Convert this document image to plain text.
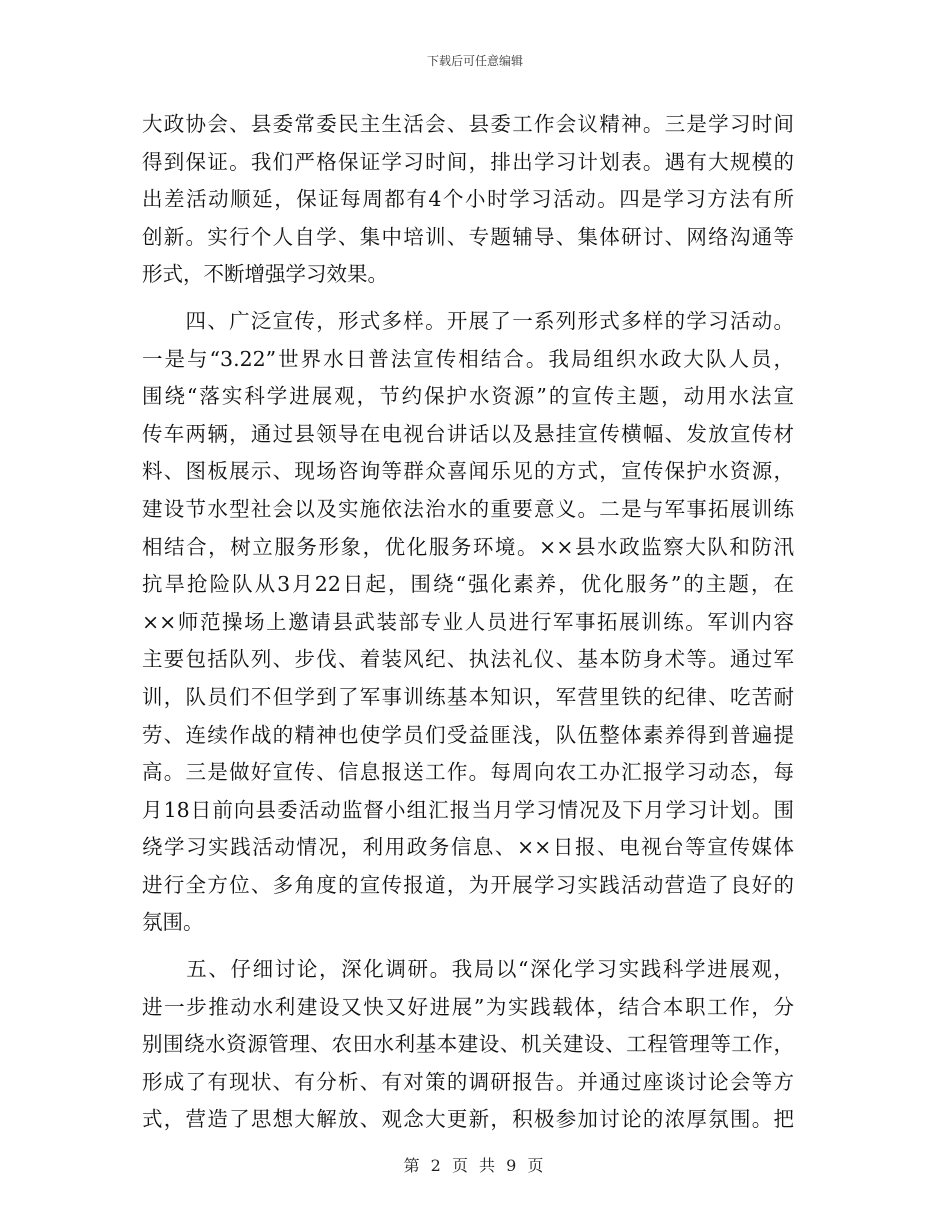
下载后可任意编辑
大政协会、县委常委民主生活会、县委工作会议精神。三是学习时间
得到保证。我们严格保证学习时间，排出学习计划表。遇有大规模的
出差活动顺延，保证每周都有4个小时学习活动。四是学习方法有所
创新。实行个人自学、集中培训、专题辅导、集体研讨、网络沟通等
形式，不断增强学习效果。
　　四、广泛宣传，形式多样。开展了一系列形式多样的学习活动。
一是与“3.22”世界水日普法宣传相结合。我局组织水政大队人员，
围绕“落实科学进展观，节约保护水资源”的宣传主题，动用水法宣
传车两辆，通过县领导在电视台讲话以及悬挂宣传横幅、发放宣传材
料、图板展示、现场咨询等群众喜闻乐见的方式，宣传保护水资源，
建设节水型社会以及实施依法治水的重要意义。二是与军事拓展训练
相结合，树立服务形象，优化服务环境。××县水政监察大队和防汛
抗旱抢险队从3月22日起，围绕“强化素养，优化服务”的主题，在
××师范操场上邀请县武装部专业人员进行军事拓展训练。军训内容
主要包括队列、步伐、着装风纪、执法礼仪、基本防身术等。通过军
训，队员们不但学到了军事训练基本知识，军营里铁的纪律、吃苦耐
劳、连续作战的精神也使学员们受益匪浅，队伍整体素养得到普遍提
高。三是做好宣传、信息报送工作。每周向农工办汇报学习动态，每
月18日前向县委活动监督小组汇报当月学习情况及下月学习计划。围
绕学习实践活动情况，利用政务信息、××日报、电视台等宣传媒体
进行全方位、多角度的宣传报道，为开展学习实践活动营造了良好的
氛围。
　　五、仔细讨论，深化调研。我局以“深化学习实践科学进展观，
进一步推动水利建设又快又好进展”为实践载体，结合本职工作，分
别围绕水资源管理、农田水利基本建设、机关建设、工程管理等工作，
形成了有现状、有分析、有对策的调研报告。并通过座谈讨论会等方
式，营造了思想大解放、观念大更新，积极参加讨论的浓厚氛围。把
第 2 页 共 9 页
